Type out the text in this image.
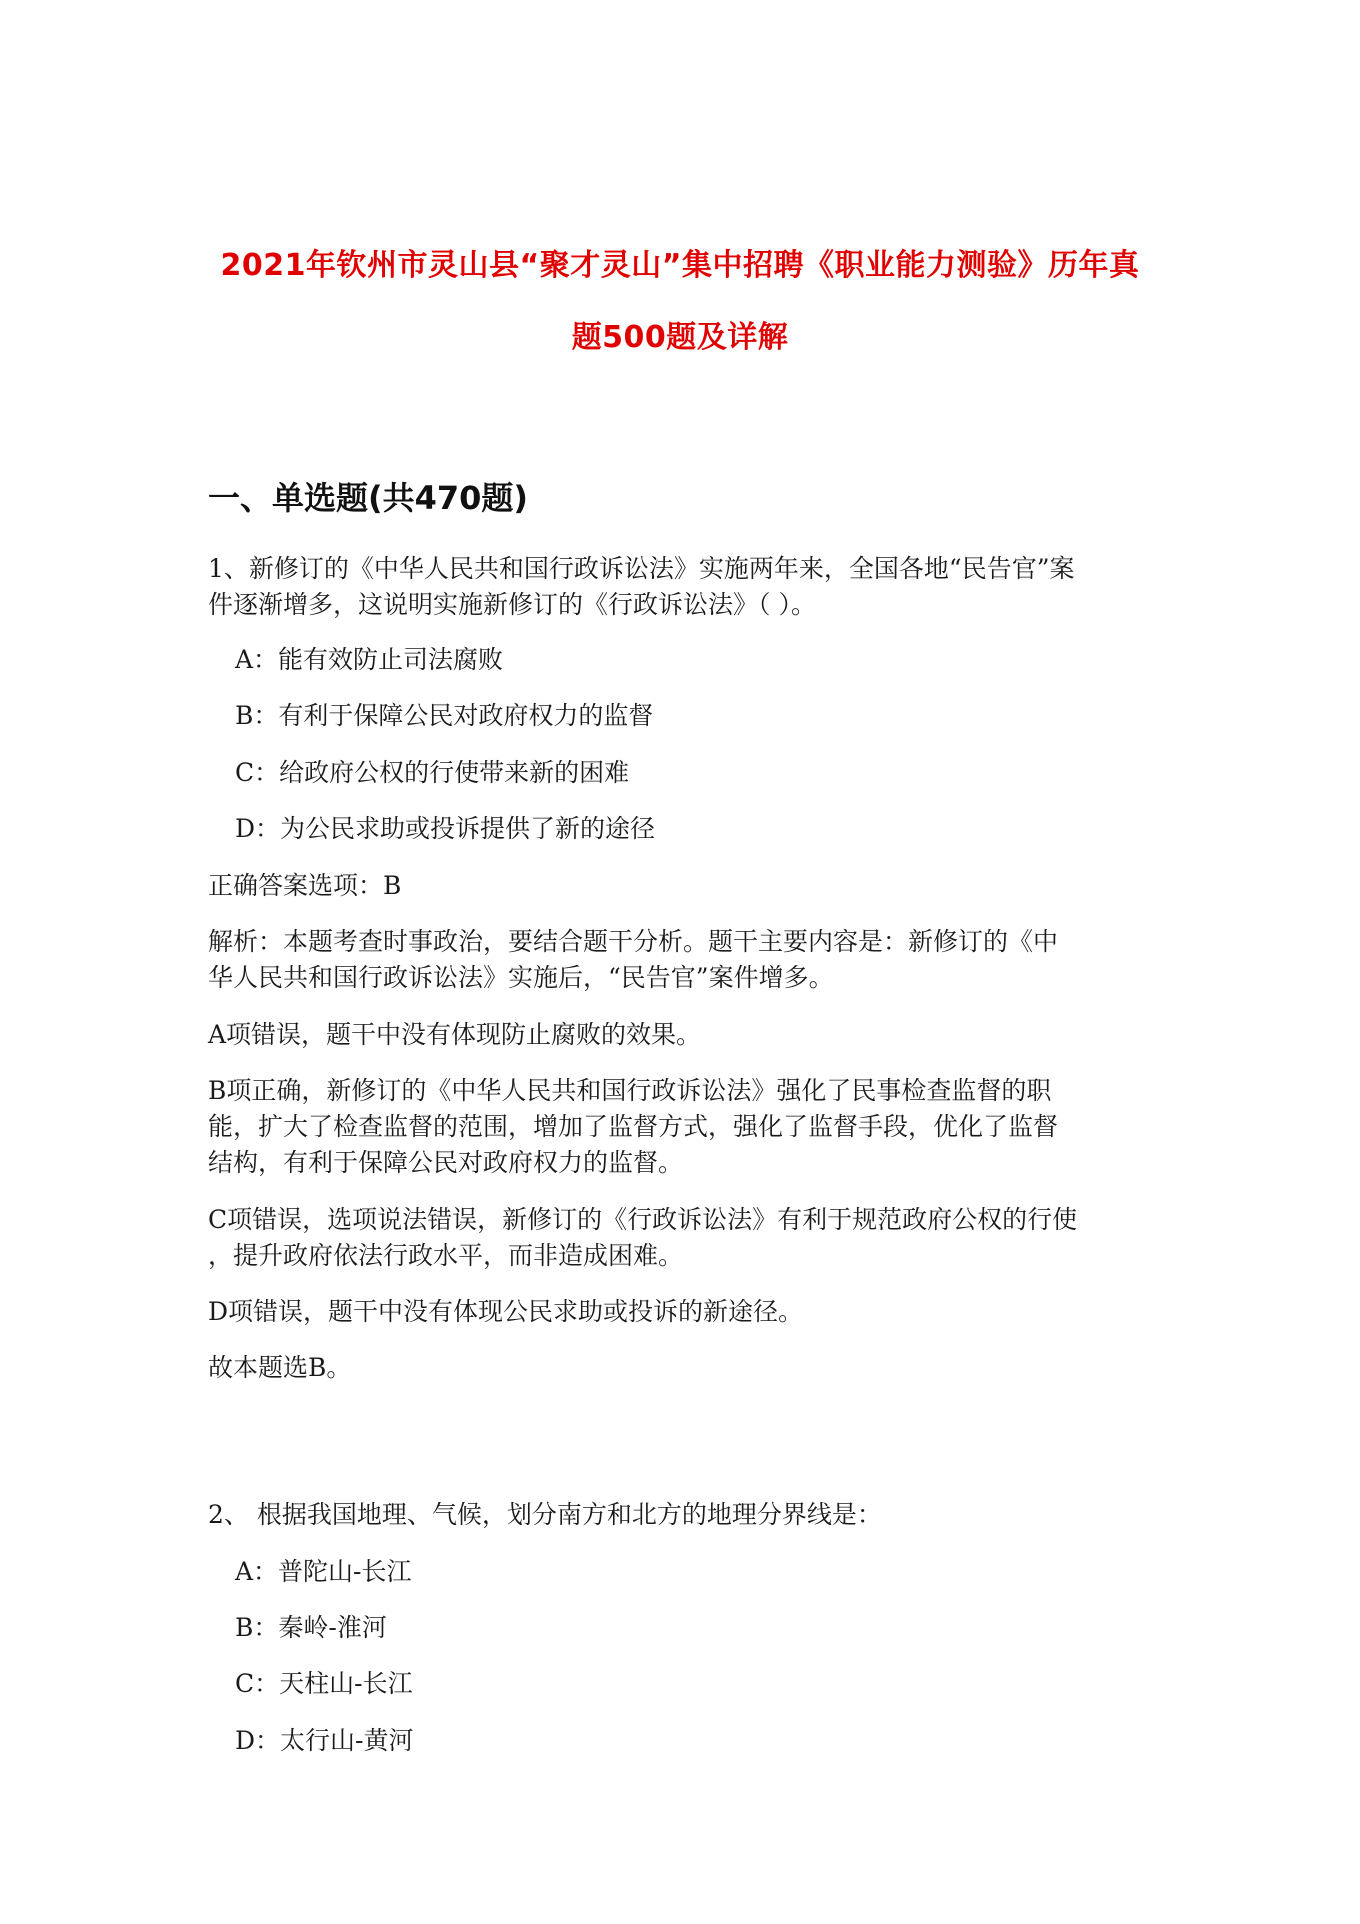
2021年钦州市灵山县“聚才灵山”集中招聘《职业能力测验》历年真
题500题及详解
一、单选题(共470题)
1、新修订的《中华人民共和国行政诉讼法》实施两年来，全国各地“民告官”案
件逐渐增多，这说明实施新修订的《行政诉讼法》（ ）。
A：能有效防止司法腐败
B：有利于保障公民对政府权力的监督
C：给政府公权的行使带来新的困难
D：为公民求助或投诉提供了新的途径
正确答案选项：B
解析：本题考查时事政治，要结合题干分析。题干主要内容是：新修订的《中
华人民共和国行政诉讼法》实施后，“民告官”案件增多。
A项错误，题干中没有体现防止腐败的效果。
B项正确，新修订的《中华人民共和国行政诉讼法》强化了民事检查监督的职
能，扩大了检查监督的范围，增加了监督方式，强化了监督手段，优化了监督
结构，有利于保障公民对政府权力的监督。
C项错误，选项说法错误，新修订的《行政诉讼法》有利于规范政府公权的行使
，提升政府依法行政水平，而非造成困难。
D项错误，题干中没有体现公民求助或投诉的新途径。
故本题选B。
2、 根据我国地理、气候，划分南方和北方的地理分界线是：
A：普陀山-长江
B：秦岭-淮河
C：天柱山-长江
D：太行山-黄河
